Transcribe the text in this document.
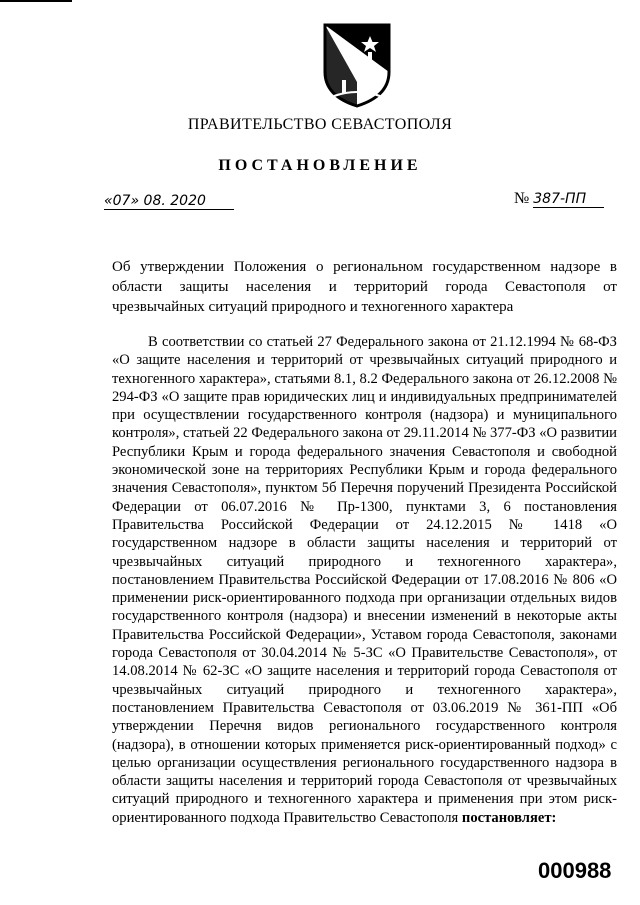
ПРАВИТЕЛЬСТВО СЕВАСТОПОЛЯ
ПОСТАНОВЛЕНИЕ
«07» 08. 2020	№ 387-ПП
Об утверждении Положения о региональном государственном надзоре в области защиты населения и территорий города Севастополя от чрезвычайных ситуаций природного и техногенного характера
В соответствии со статьей 27 Федерального закона от 21.12.1994 № 68-ФЗ «О защите населения и территорий от чрезвычайных ситуаций природного и техногенного характера», статьями 8.1, 8.2 Федерального закона от 26.12.2008 № 294-ФЗ «О защите прав юридических лиц и индивидуальных предпринимателей при осуществлении государственного контроля (надзора) и муниципального контроля», статьей 22 Федерального закона от 29.11.2014 № 377-ФЗ «О развитии Республики Крым и города федерального значения Севастополя и свободной экономической зоне на территориях Республики Крым и города федерального значения Севастополя», пунктом 5б Перечня поручений Президента Российской Федерации от 06.07.2016 № Пр-1300, пунктами 3, 6 постановления Правительства Российской Федерации от 24.12.2015 № 1418 «О государственном надзоре в области защиты населения и территорий от чрезвычайных ситуаций природного и техногенного характера», постановлением Правительства Российской Федерации от 17.08.2016 № 806 «О применении риск-ориентированного подхода при организации отдельных видов государственного контроля (надзора) и внесении изменений в некоторые акты Правительства Российской Федерации», Уставом города Севастополя, законами города Севастополя от 30.04.2014 № 5-ЗС «О Правительстве Севастополя», от 14.08.2014 № 62-ЗС «О защите населения и территорий города Севастополя от чрезвычайных ситуаций природного и техногенного характера», постановлением Правительства Севастополя от 03.06.2019 № 361-ПП «Об утверждении Перечня видов регионального государственного контроля (надзора), в отношении которых применяется риск-ориентированный подход» с целью организации осуществления регионального государственного надзора в области защиты населения и территорий города Севастополя от чрезвычайных ситуаций природного и техногенного характера и применения при этом риск-ориентированного подхода Правительство Севастополя постановляет:
000988
